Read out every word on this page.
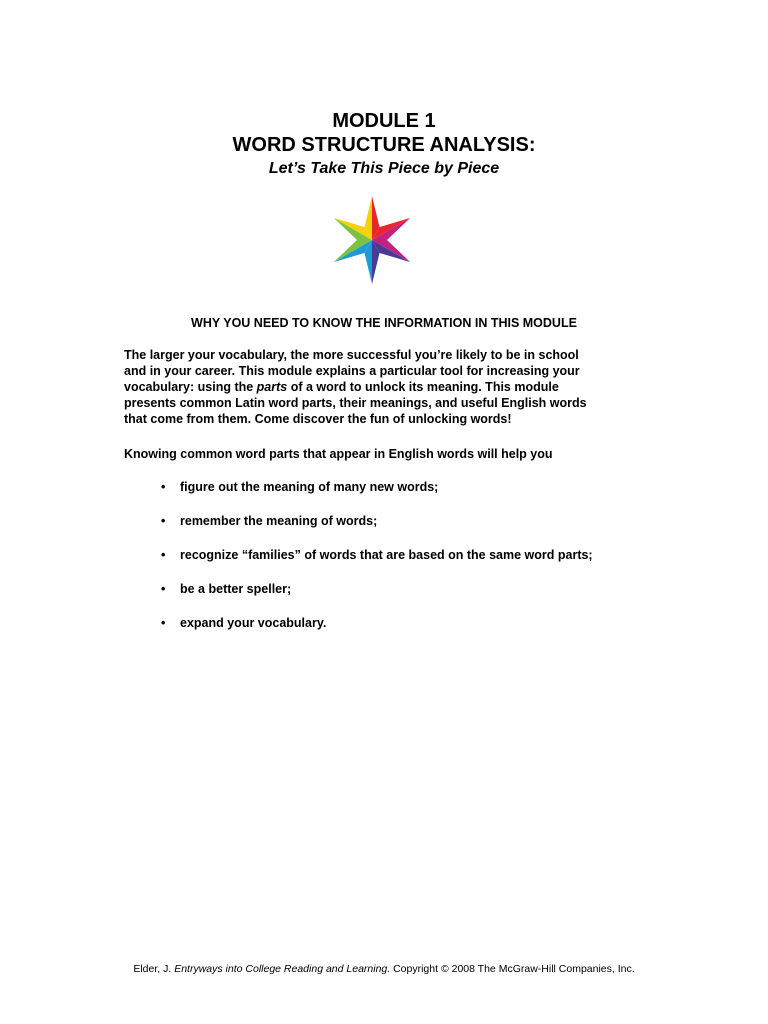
MODULE 1
WORD STRUCTURE ANALYSIS:
Let’s Take This Piece by Piece
WHY YOU NEED TO KNOW THE INFORMATION IN THIS MODULE
The larger your vocabulary, the more successful you’re likely to be in school
and in your career. This module explains a particular tool for increasing your
vocabulary: using the parts of a word to unlock its meaning. This module
presents common Latin word parts, their meanings, and useful English words
that come from them. Come discover the fun of unlocking words!
Knowing common word parts that appear in English words will help you
• figure out the meaning of many new words;
• remember the meaning of words;
• recognize “families” of words that are based on the same word parts;
• be a better speller;
• expand your vocabulary.
Elder, J. Entryways into College Reading and Learning. Copyright © 2008 The McGraw-Hill Companies, Inc.
